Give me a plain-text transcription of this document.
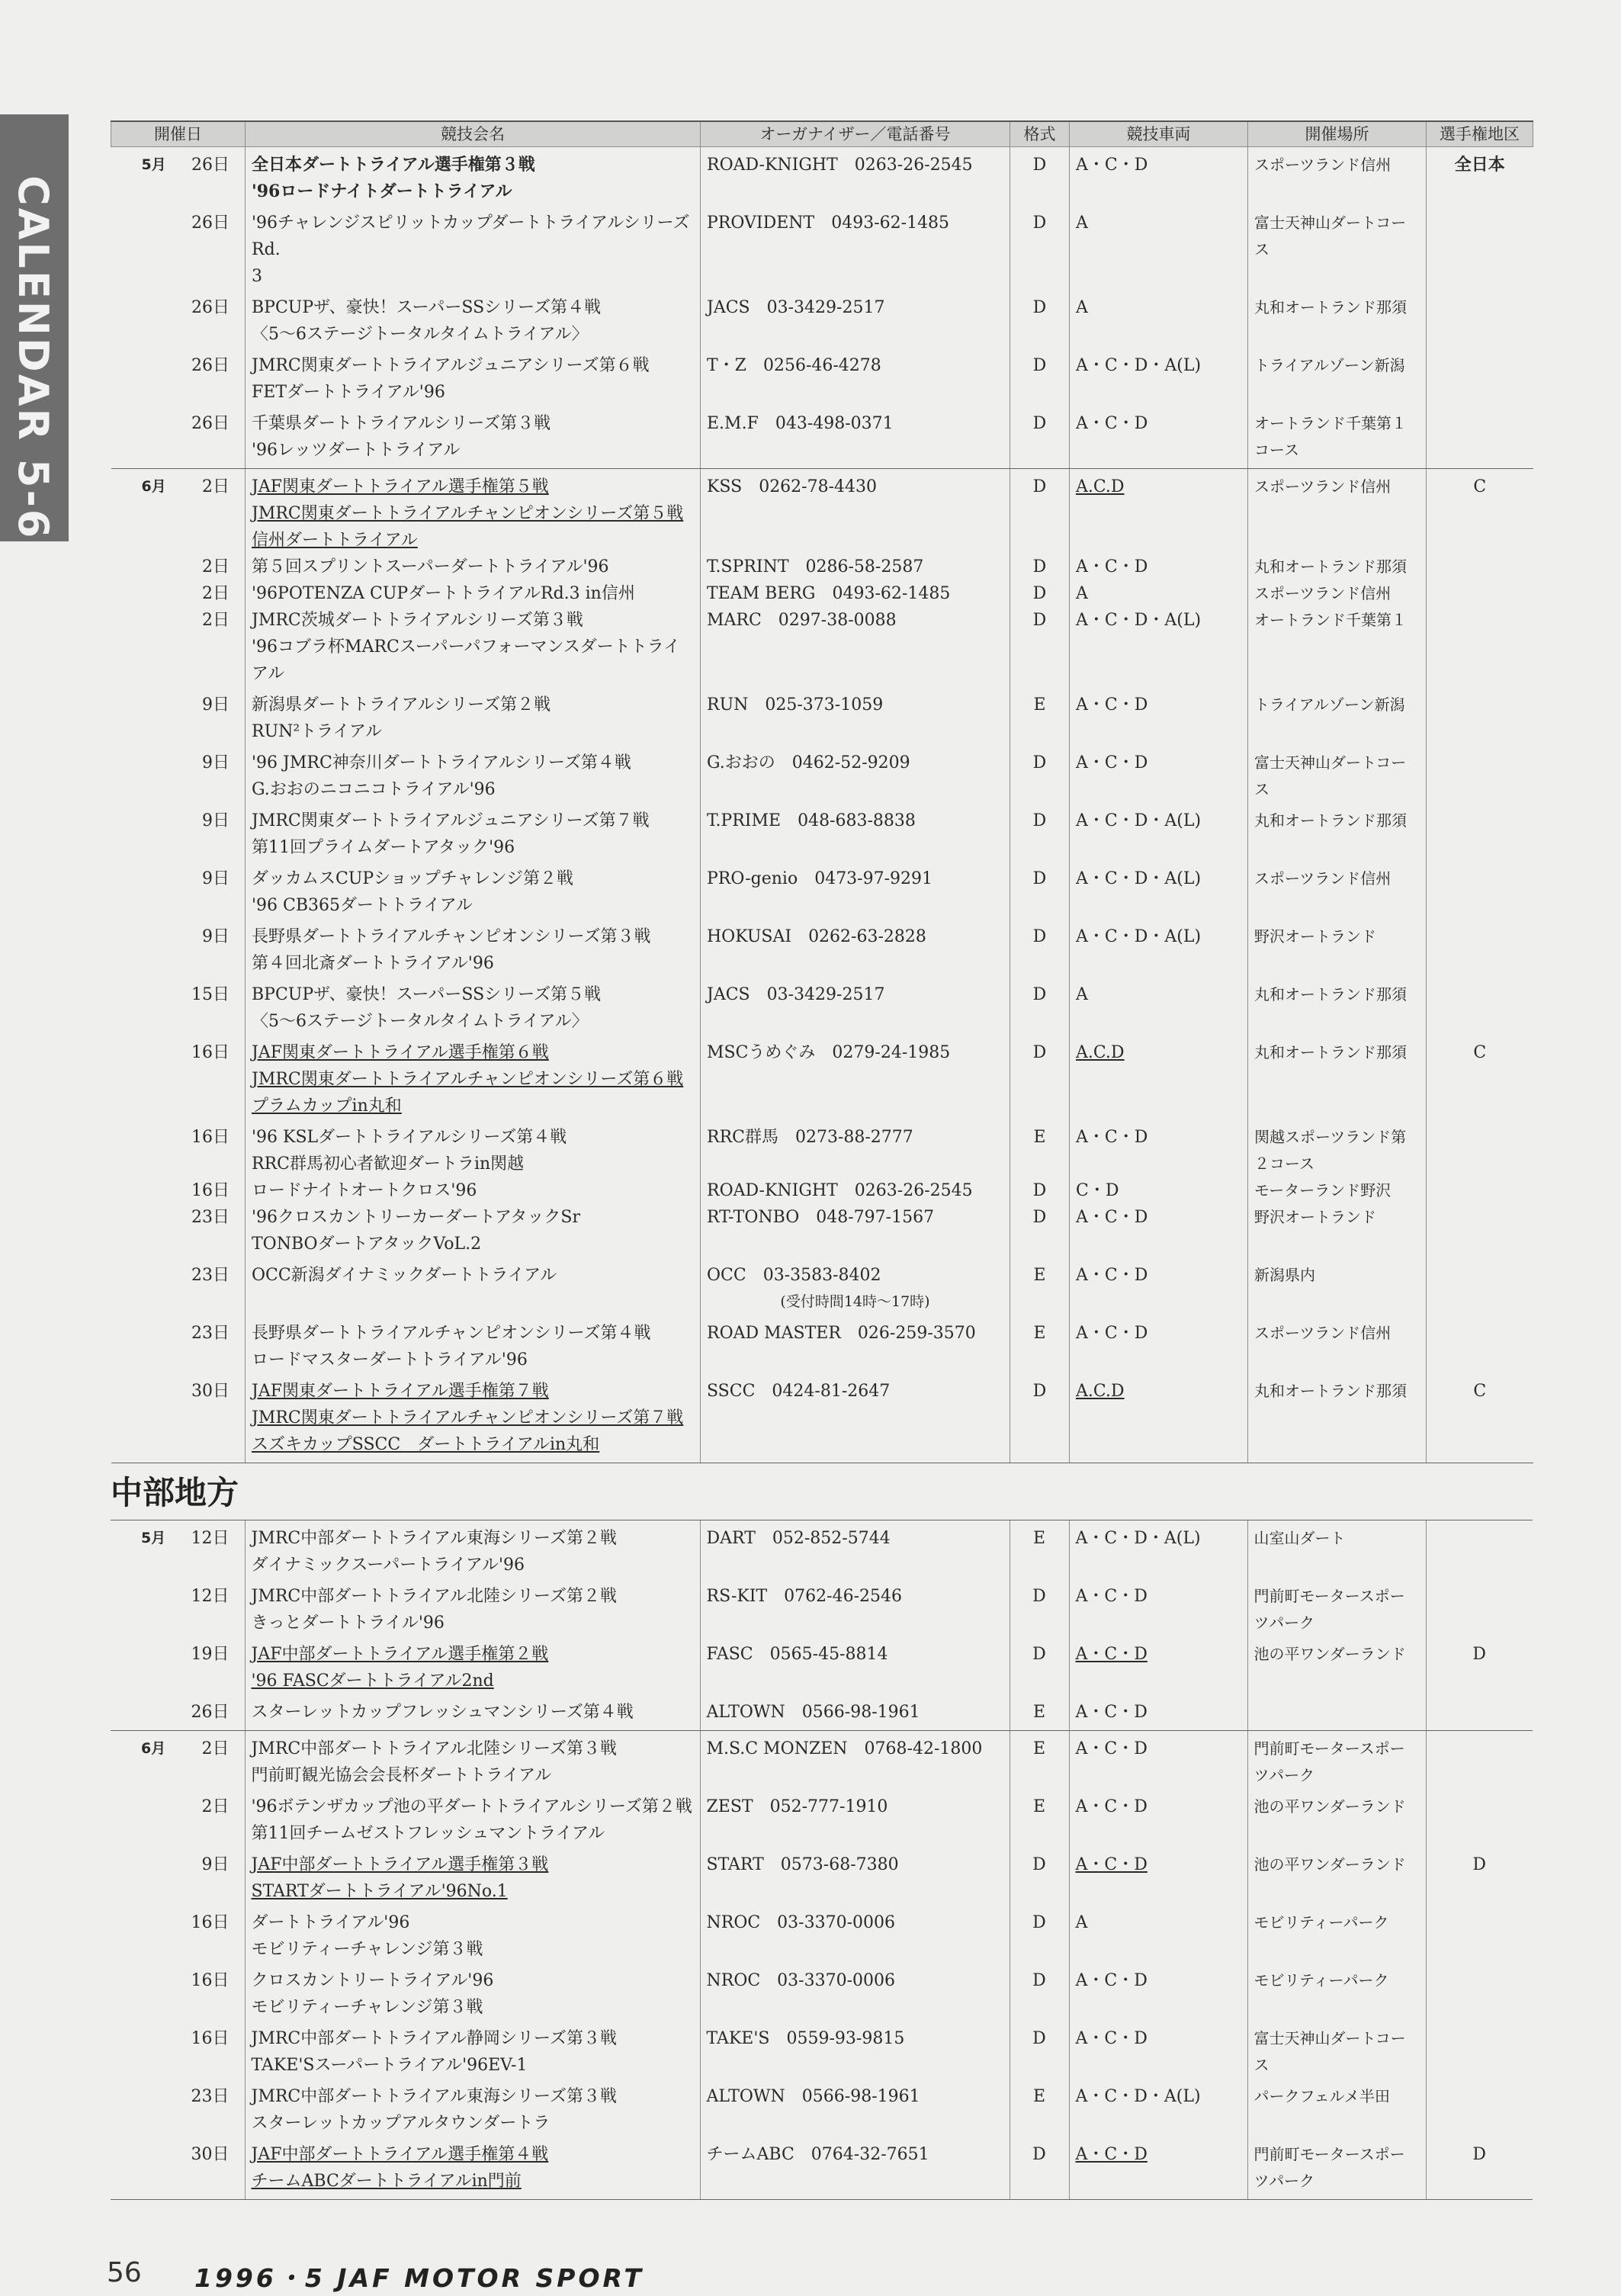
CALENDAR 5-6
開催日	競技会名	オーガナイザー／電話番号	格式	競技車両	開催場所	選手権地区
5月 26日	全日本ダートトライアル選手権第３戦
'96ロードナイトダートトライアル	ROAD-KNIGHT　0263-26-2545	D	A・C・D	スポーツランド信州	全日本

26日	'96チャレンジスピリットカップダートトライアルシリーズRd.
3	PROVIDENT　0493-62-1485	D	A	富士天神山ダートコース	

26日	BPCUPザ、豪快！スーパーSSシリーズ第４戦
〈5～6ステージトータルタイムトライアル〉	JACS　03-3429-2517	D	A	丸和オートランド那須	

26日	JMRC関東ダートトライアルジュニアシリーズ第６戦
FETダートトライアル'96	T・Z　0256-46-4278	D	A・C・D・A(L)	トライアルゾーン新潟	

26日	千葉県ダートトライアルシリーズ第３戦
'96レッツダートトライアル	E.M.F　043-498-0371	D	A・C・D	オートランド千葉第１コース	
6月 2日	JAF関東ダートトライアル選手権第５戦
JMRC関東ダートトライアルチャンピオンシリーズ第５戦
信州ダートトライアル	KSS　0262-78-4430	D	A.C.D	スポーツランド信州	C

2日	第５回スプリントスーパーダートトライアル'96	T.SPRINT　0286-58-2587	D	A・C・D	丸和オートランド那須	

2日	'96POTENZA CUPダートトライアルRd.3 in信州	TEAM BERG　0493-62-1485	D	A	スポーツランド信州	

2日	JMRC茨城ダートトライアルシリーズ第３戦
'96コブラ杯MARCスーパーパフォーマンスダートトライアル	MARC　0297-38-0088	D	A・C・D・A(L)	オートランド千葉第１	

9日	新潟県ダートトライアルシリーズ第２戦
RUN²トライアル	RUN　025-373-1059	E	A・C・D	トライアルゾーン新潟	

9日	'96 JMRC神奈川ダートトライアルシリーズ第４戦
G.おおのニコニコトライアル'96	G.おおの　0462-52-9209	D	A・C・D	富士天神山ダートコース	

9日	JMRC関東ダートトライアルジュニアシリーズ第７戦
第11回プライムダートアタック'96	T.PRIME　048-683-8838	D	A・C・D・A(L)	丸和オートランド那須	

9日	ダッカムスCUPショップチャレンジ第２戦
'96 CB365ダートトライアル	PRO-genio　0473-97-9291	D	A・C・D・A(L)	スポーツランド信州	

9日	長野県ダートトライアルチャンピオンシリーズ第３戦
第４回北斎ダートトライアル'96	HOKUSAI　0262-63-2828	D	A・C・D・A(L)	野沢オートランド	

15日	BPCUPザ、豪快！スーパーSSシリーズ第５戦
〈5～6ステージトータルタイムトライアル〉	JACS　03-3429-2517	D	A	丸和オートランド那須	

16日	JAF関東ダートトライアル選手権第６戦
JMRC関東ダートトライアルチャンピオンシリーズ第６戦
プラムカップin丸和	MSCうめぐみ　0279-24-1985	D	A.C.D	丸和オートランド那須	C

16日	'96 KSLダートトライアルシリーズ第４戦
RRC群馬初心者歓迎ダートラin関越	RRC群馬　0273-88-2777	E	A・C・D	関越スポーツランド第２コース	

16日	ロードナイトオートクロス'96	ROAD-KNIGHT　0263-26-2545	D	C・D	モーターランド野沢	

23日	'96クロスカントリーカーダートアタックSr
TONBOダートアタックVoL.2	RT-TONBO　048-797-1567	D	A・C・D	野沢オートランド	

23日	OCC新潟ダイナミックダートトライアル	OCC　03-3583-8402
(受付時間14時～17時)	E	A・C・D	新潟県内	

23日	長野県ダートトライアルチャンピオンシリーズ第４戦
ロードマスターダートトライアル'96	ROAD MASTER　026-259-3570	E	A・C・D	スポーツランド信州	

30日	JAF関東ダートトライアル選手権第７戦
JMRC関東ダートトライアルチャンピオンシリーズ第７戦
スズキカップSSCC　ダートトライアルin丸和	SSCC　0424-81-2647	D	A.C.D	丸和オートランド那須	C
中部地方
5月 12日	JMRC中部ダートトライアル東海シリーズ第２戦
ダイナミックスーパートライアル'96	DART　052-852-5744	E	A・C・D・A(L)	山室山ダート	

12日	JMRC中部ダートトライアル北陸シリーズ第２戦
きっとダートトライル'96	RS-KIT　0762-46-2546	D	A・C・D	門前町モータースポーツパーク	

19日	JAF中部ダートトライアル選手権第２戦
'96 FASCダートトライアル2nd	FASC　0565-45-8814	D	A・C・D	池の平ワンダーランド	D

26日	スターレットカップフレッシュマンシリーズ第４戦	ALTOWN　0566-98-1961	E	A・C・D		
6月 2日	JMRC中部ダートトライアル北陸シリーズ第３戦
門前町観光協会会長杯ダートトライアル	M.S.C MONZEN　0768-42-1800	E	A・C・D	門前町モータースポーツパーク	

2日	'96ボテンザカップ池の平ダートトライアルシリーズ第２戦
第11回チームゼストフレッシュマントライアル	ZEST　052-777-1910	E	A・C・D	池の平ワンダーランド	

9日	JAF中部ダートトライアル選手権第３戦
STARTダートトライアル'96No.1	START　0573-68-7380	D	A・C・D	池の平ワンダーランド	D

16日	ダートトライアル'96
モビリティーチャレンジ第３戦	NROC　03-3370-0006	D	A	モビリティーパーク	

16日	クロスカントリートライアル'96
モビリティーチャレンジ第３戦	NROC　03-3370-0006	D	A・C・D	モビリティーパーク	

16日	JMRC中部ダートトライアル静岡シリーズ第３戦
TAKE'Sスーパートライアル'96EV-1	TAKE'S　0559-93-9815	D	A・C・D	富士天神山ダートコース	

23日	JMRC中部ダートトライアル東海シリーズ第３戦
スターレットカップアルタウンダートラ	ALTOWN　0566-98-1961	E	A・C・D・A(L)	パークフェルメ半田	

30日	JAF中部ダートトライアル選手権第４戦
チームABCダートトライアルin門前	チームABC　0764-32-7651	D	A・C・D	門前町モータースポーツパーク	D
56 1996・5 JAF MOTOR SPORT
